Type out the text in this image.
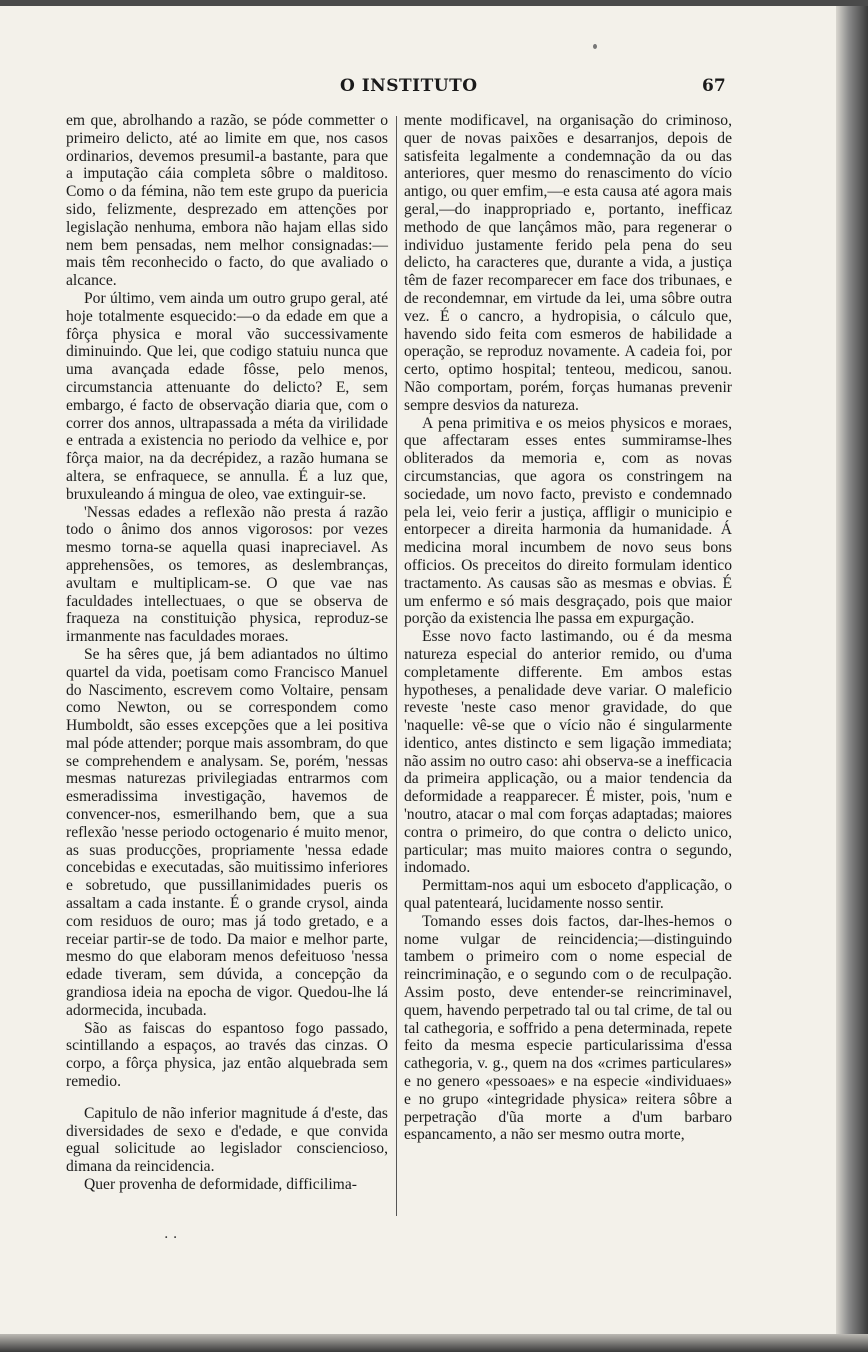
O INSTITUTO	67

em que, abrolhando a razão, se póde commetter o primeiro delicto, até ao limite em que, nos casos ordinarios, devemos presumil-a bastante, para que a imputação cáia completa sôbre o malditoso. Como o da fémina, não tem este grupo da puericia sido, felizmente, desprezado em attenções por legislação nenhuma, embora não hajam ellas sido nem bem pensadas, nem melhor consignadas:—mais têm reconhecido o facto, do que avaliado o alcance.

Por último, vem ainda um outro grupo geral, até hoje totalmente esquecido:—o da edade em que a fôrça physica e moral vão successivamente diminuindo. Que lei, que codigo statuiu nunca que uma avançada edade fôsse, pelo menos, circumstancia attenuante do delicto? E, sem embargo, é facto de observação diaria que, com o correr dos annos, ultrapassada a méta da virilidade e entrada a existencia no periodo da velhice e, por fôrça maior, na da decrépidez, a razão humana se altera, se enfraquece, se annulla. É a luz que, bruxuleando á mingua de oleo, vae extinguir-se.

'Nessas edades a reflexão não presta á razão todo o ânimo dos annos vigorosos: por vezes mesmo torna-se aquella quasi inapreciavel. As apprehensões, os temores, as deslembranças, avultam e multiplicam-se. O que vae nas faculdades intellectuaes, o que se observa de fraqueza na constituição physica, reproduz-se irmanmente nas faculdades moraes.

Se ha sêres que, já bem adiantados no último quartel da vida, poetisam como Francisco Manuel do Nascimento, escrevem como Voltaire, pensam como Newton, ou se correspondem como Humboldt, são esses excepções que a lei positiva mal póde attender; porque mais assombram, do que se comprehendem e analysam. Se, porém, 'nessas mesmas naturezas privilegiadas entrarmos com esmeradissima investigação, havemos de convencer-nos, esmerilhando bem, que a sua reflexão 'nesse periodo octogenario é muito menor, as suas producções, propriamente 'nessa edade concebidas e executadas, são muitissimo inferiores e sobretudo, que pussillanimidades pueris os assaltam a cada instante. É o grande crysol, ainda com residuos de ouro; mas já todo gretado, e a receiar partir-se de todo. Da maior e melhor parte, mesmo do que elaboram menos defeituoso 'nessa edade tiveram, sem dúvida, a concepção da grandiosa ideia na epocha de vigor. Quedou-lhe lá adormecida, incubada.

São as faiscas do espantoso fogo passado, scintillando a espaços, ao través das cinzas. O corpo, a fôrça physica, jaz então alquebrada sem remedio.

Capitulo de não inferior magnitude á d'este, das diversidades de sexo e d'edade, e que convida egual solicitude ao legislador consciencioso, dimana da reincidencia.

Quer provenha de deformidade, difficilima-

mente modificavel, na organisação do criminoso, quer de novas paixões e desarranjos, depois de satisfeita legalmente a condemnação da ou das anteriores, quer mesmo do renascimento do vício antigo, ou quer emfim,—e esta causa até agora mais geral,—do inappropriado e, portanto, inefficaz methodo de que lançâmos mão, para regenerar o individuo justamente ferido pela pena do seu delicto, ha caracteres que, durante a vida, a justiça têm de fazer recomparecer em face dos tribunaes, e de recondemnar, em virtude da lei, uma sôbre outra vez. É o cancro, a hydropisia, o cálculo que, havendo sido feita com esmeros de habilidade a operação, se reproduz novamente. A cadeia foi, por certo, optimo hospital; tenteou, medicou, sanou. Não comportam, porém, forças humanas prevenir sempre desvios da natureza.

A pena primitiva e os meios physicos e moraes, que affectaram esses entes summiramse-lhes obliterados da memoria e, com as novas circumstancias, que agora os constringem na sociedade, um novo facto, previsto e condemnado pela lei, veio ferir a justiça, affligir o municipio e entorpecer a direita harmonia da humanidade. Á medicina moral incumbem de novo seus bons officios. Os preceitos do direito formulam identico tractamento. As causas são as mesmas e obvias. É um enfermo e só mais desgraçado, pois que maior porção da existencia lhe passa em expurgação.

Esse novo facto lastimando, ou é da mesma natureza especial do anterior remido, ou d'uma completamente differente. Em ambos estas hypotheses, a penalidade deve variar. O maleficio reveste 'neste caso menor gravidade, do que 'naquelle: vê-se que o vício não é singularmente identico, antes distincto e sem ligação immediata; não assim no outro caso: ahi observa-se a inefficacia da primeira applicação, ou a maior tendencia da deformidade a reapparecer. É mister, pois, 'num e 'noutro, atacar o mal com forças adaptadas; maiores contra o primeiro, do que contra o delicto unico, particular; mas muito maiores contra o segundo, indomado.

Permittam-nos aqui um esboceto d'applicação, o qual patenteará, lucidamente nosso sentir.

Tomando esses dois factos, dar-lhes-hemos o nome vulgar de reincidencia;—distinguindo tambem o primeiro com o nome especial de reincriminação, e o segundo com o de reculpação. Assim posto, deve entender-se reincriminavel, quem, havendo perpetrado tal ou tal crime, de tal ou tal cathegoria, e soffrido a pena determinada, repete feito da mesma especie particularissima d'essa cathegoria, v. g., quem na dos «crimes particulares» e no genero «pessoaes» e na especie «individuaes» e no grupo «integridade physica» reitera sôbre a perpetração d'ũa morte a d'um barbaro espancamento, a não ser mesmo outra morte,

. .
